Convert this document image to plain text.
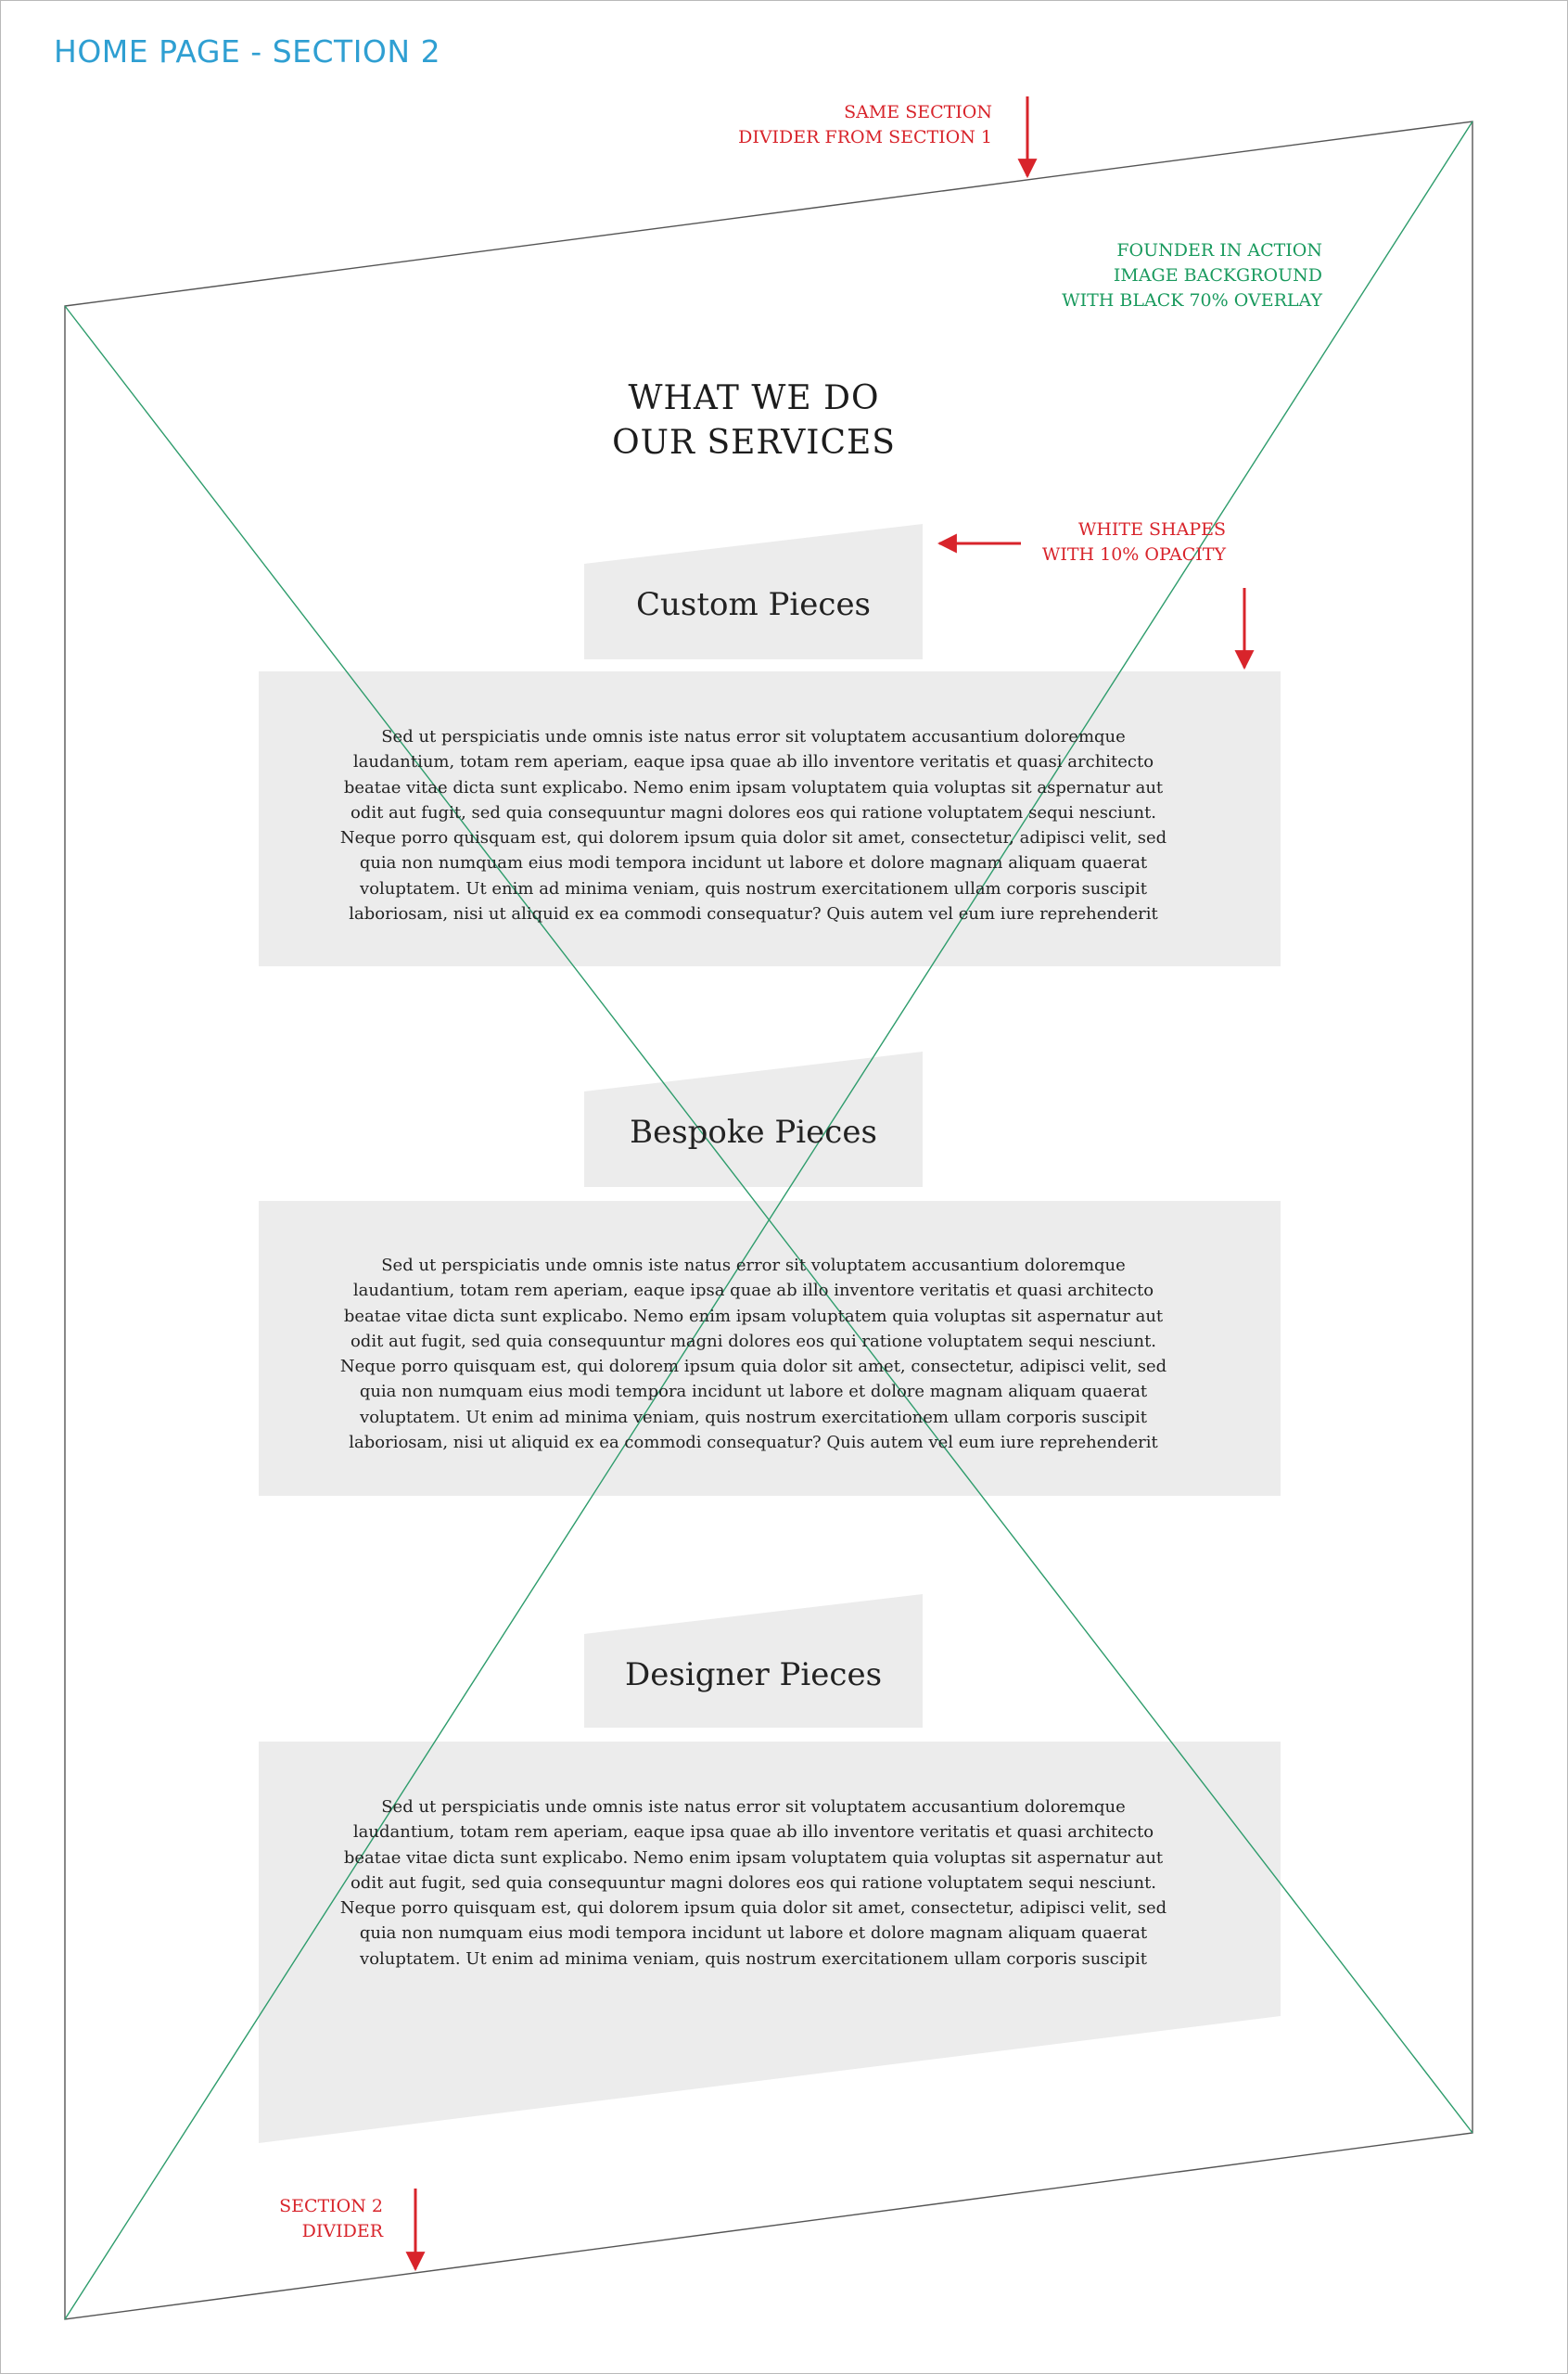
HOME PAGE - SECTION 2
SAME SECTION
DIVIDER FROM SECTION 1
FOUNDER IN ACTION
IMAGE BACKGROUND
WITH BLACK 70% OVERLAY
WHITE SHAPES
WITH 10% OPACITY
SECTION 2
DIVIDER
WHAT WE DO
OUR SERVICES
Custom Pieces
Sed ut perspiciatis unde omnis iste natus error sit voluptatem accusantium doloremque
laudantium, totam rem aperiam, eaque ipsa quae ab illo inventore veritatis et quasi architecto
beatae vitae dicta sunt explicabo. Nemo enim ipsam voluptatem quia voluptas sit aspernatur aut
odit aut fugit, sed quia consequuntur magni dolores eos qui ratione voluptatem sequi nesciunt.
Neque porro quisquam est, qui dolorem ipsum quia dolor sit amet, consectetur, adipisci velit, sed
quia non numquam eius modi tempora incidunt ut labore et dolore magnam aliquam quaerat
voluptatem. Ut enim ad minima veniam, quis nostrum exercitationem ullam corporis suscipit
laboriosam, nisi ut aliquid ex ea commodi consequatur? Quis autem vel eum iure reprehenderit
Bespoke Pieces
Sed ut perspiciatis unde omnis iste natus error sit voluptatem accusantium doloremque
laudantium, totam rem aperiam, eaque ipsa quae ab illo inventore veritatis et quasi architecto
beatae vitae dicta sunt explicabo. Nemo enim ipsam voluptatem quia voluptas sit aspernatur aut
odit aut fugit, sed quia consequuntur magni dolores eos qui ratione voluptatem sequi nesciunt.
Neque porro quisquam est, qui dolorem ipsum quia dolor sit amet, consectetur, adipisci velit, sed
quia non numquam eius modi tempora incidunt ut labore et dolore magnam aliquam quaerat
voluptatem. Ut enim ad minima veniam, quis nostrum exercitationem ullam corporis suscipit
laboriosam, nisi ut aliquid ex ea commodi consequatur? Quis autem vel eum iure reprehenderit
Designer Pieces
Sed ut perspiciatis unde omnis iste natus error sit voluptatem accusantium doloremque
laudantium, totam rem aperiam, eaque ipsa quae ab illo inventore veritatis et quasi architecto
beatae vitae dicta sunt explicabo. Nemo enim ipsam voluptatem quia voluptas sit aspernatur aut
odit aut fugit, sed quia consequuntur magni dolores eos qui ratione voluptatem sequi nesciunt.
Neque porro quisquam est, qui dolorem ipsum quia dolor sit amet, consectetur, adipisci velit, sed
quia non numquam eius modi tempora incidunt ut labore et dolore magnam aliquam quaerat
voluptatem. Ut enim ad minima veniam, quis nostrum exercitationem ullam corporis suscipit
